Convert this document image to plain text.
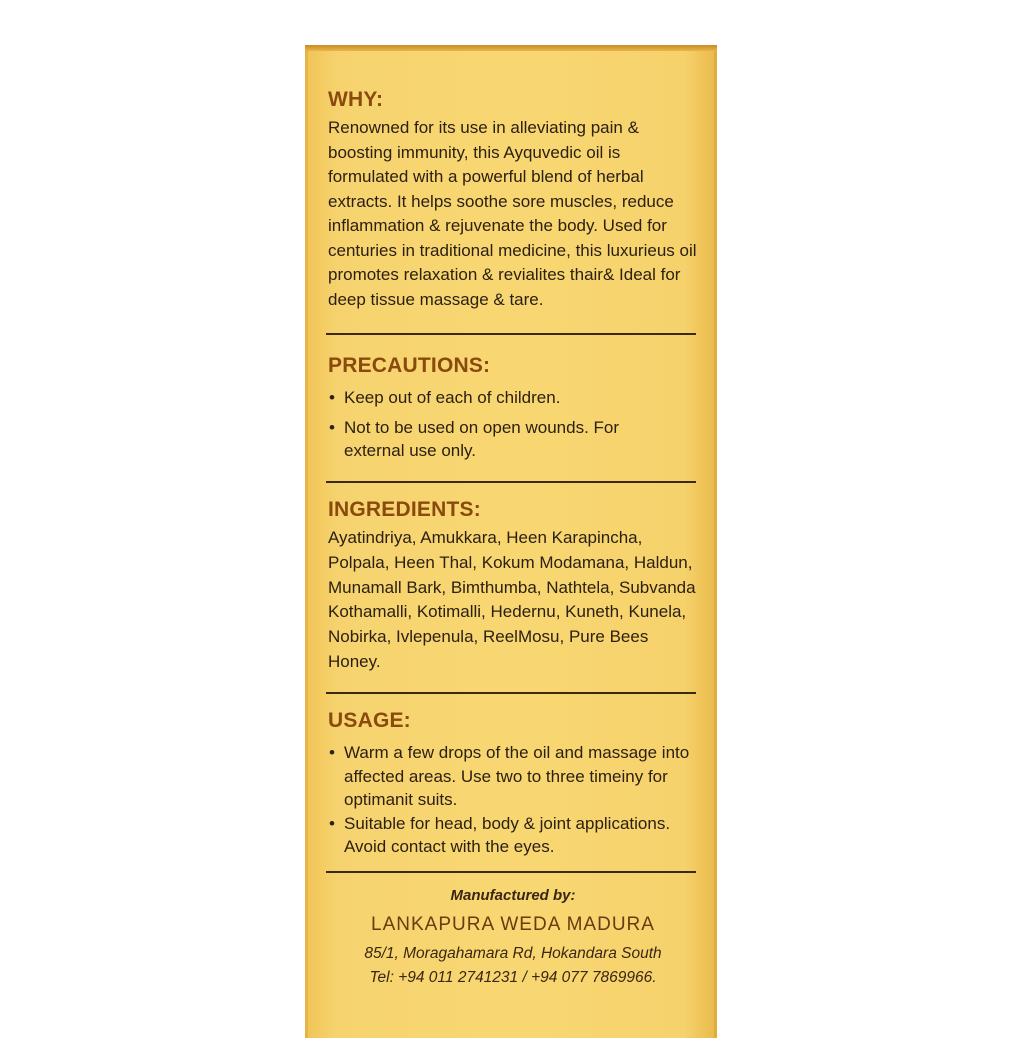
WHY:

Renowned for its use in alleviating pain & boosting immunity, this Ayquvedic oil is formulated with a powerful blend of herbal extracts. It helps soothe sore muscles, reduce inflammation & rejuvenate the body. Used for centuries in traditional medicine, this luxurieus oil promotes relaxation & revialites thair& Ideal for deep tissue massage & tare.

PRECAUTIONS:
• Keep out of each of children.
• Not to be used on open wounds. For external use only.
INGREDIENTS:

Ayatindriya, Amukkara, Heen Karapincha, Polpala, Heen Thal, Kokum Modamana, Haldun, Munamall Bark, Bimthumba, Nathtela, Subvanda Kothamalli, Kotimalli, Hedernu, Kuneth, Kunela, Nobirka, Ivlepenula, ReelMosu, Pure Bees Honey.

USAGE:
• Warm a few drops of the oil and massage into affected areas. Use two to three timeiny for optimanit suits.
• Suitable for head, body & joint applications. Avoid contact with the eyes.
Manufactured by:
LANKAPURA WEDA MADURA
85/1, Moragahamara Rd, Hokandara South
Tel: +94 011 2741231 / +94 077 7869966.
